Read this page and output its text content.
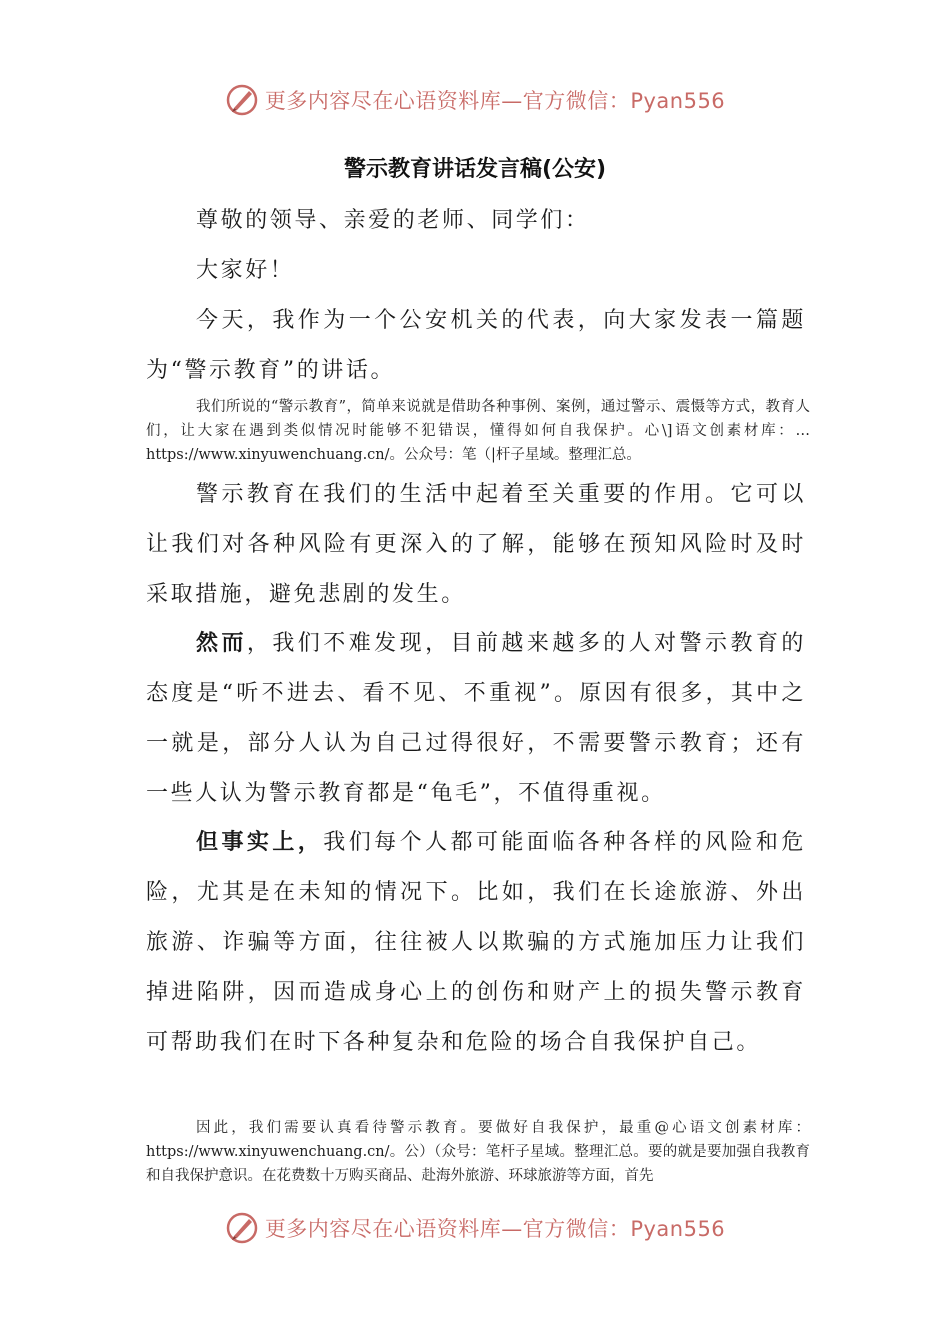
更多内容尽在心语资料库—官方微信：Pyan556
警示教育讲话发言稿(公安)
尊敬的领导、亲爱的老师、同学们：
大家好！
今天，我作为一个公安机关的代表，向大家发表一篇题为“警示教育”的讲话。
我们所说的“警示教育”，简单来说就是借助各种事例、案例，通过警示、震慑等方式，教育人们，让大家在遇到类似情况时能够不犯错误，懂得如何自我保护。心\]语文创素材库：…https://www.xinyuwenchuang.cn/。公众号：笔（|杆子星域。整理汇总。
警示教育在我们的生活中起着至关重要的作用。它可以让我们对各种风险有更深入的了解，能够在预知风险时及时采取措施，避免悲剧的发生。
然而，我们不难发现，目前越来越多的人对警示教育的态度是“听不进去、看不见、不重视”。原因有很多，其中之一就是，部分人认为自己过得很好，不需要警示教育；还有一些人认为警示教育都是“龟毛”，不值得重视。
但事实上，我们每个人都可能面临各种各样的风险和危险，尤其是在未知的情况下。比如，我们在长途旅游、外出旅游、诈骗等方面，往往被人以欺骗的方式施加压力让我们掉进陷阱，因而造成身心上的创伤和财产上的损失警示教育可帮助我们在时下各种复杂和危险的场合自我保护自己。
因此，我们需要认真看待警示教育。要做好自我保护，最重@心语文创素材库：https://www.xinyuwenchuang.cn/。公）（众号：笔杆子星域。整理汇总。要的就是要加强自我教育和自我保护意识。在花费数十万购买商品、赴海外旅游、环球旅游等方面，首先
更多内容尽在心语资料库—官方微信：Pyan556
